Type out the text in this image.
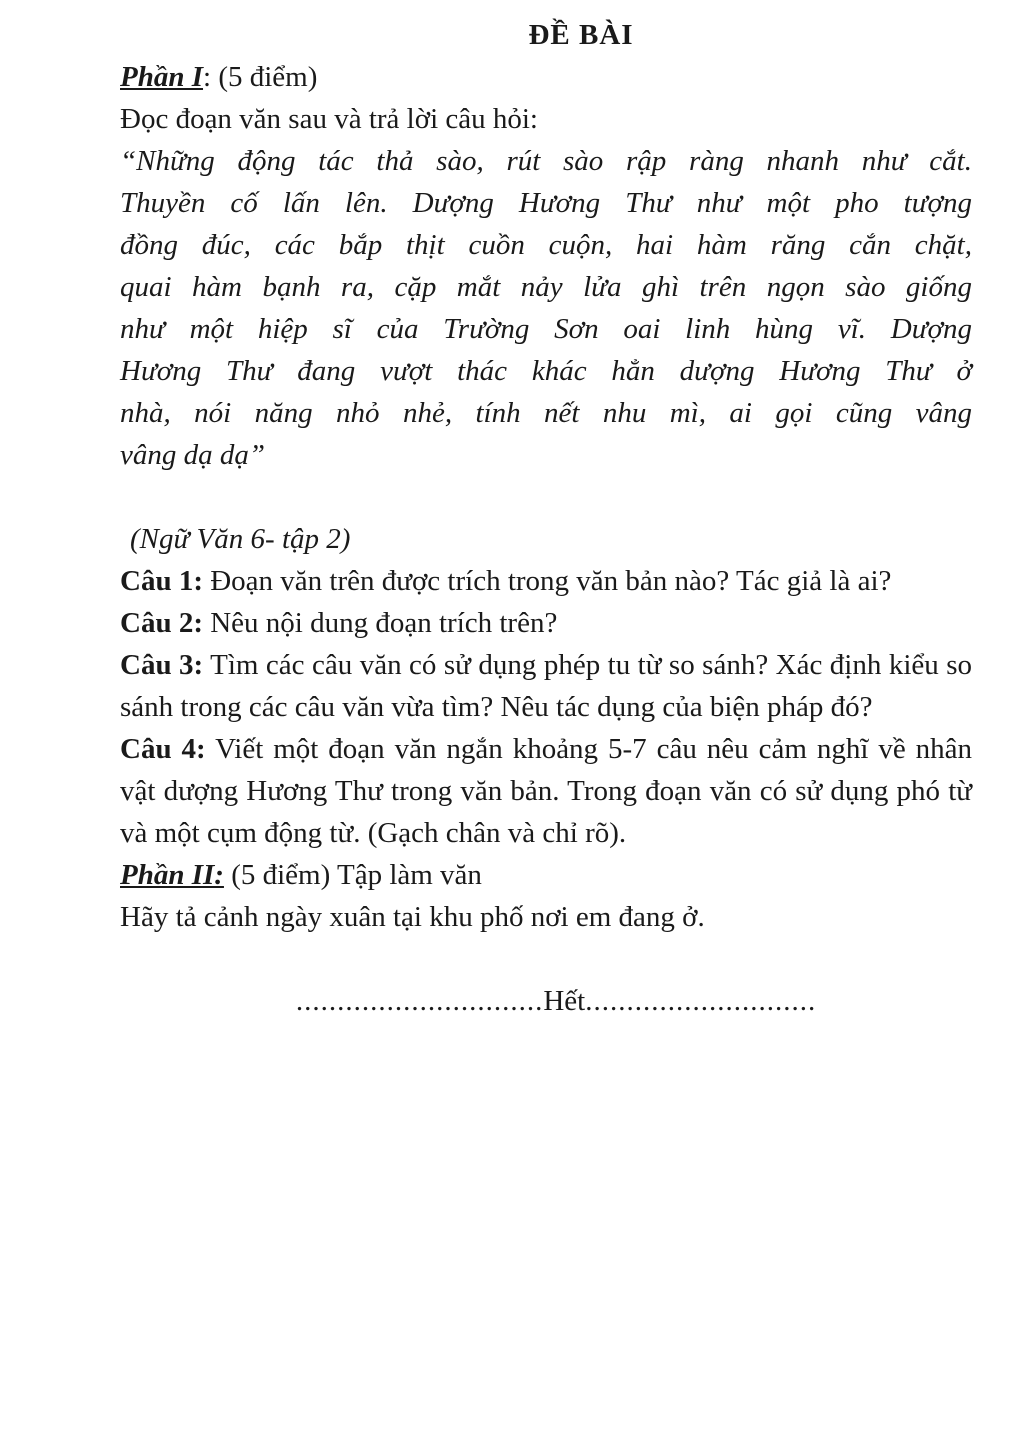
ĐỀ BÀI

Phần I: (5 điểm)

Đọc đoạn văn sau và trả lời câu hỏi:

“Những động tác thả sào, rút sào rập ràng nhanh như cắt.

Thuyền cố lấn lên. Dượng Hương Thư như một pho tượng

đồng đúc, các bắp thịt cuồn cuộn, hai hàm răng cắn chặt,

quai hàm bạnh ra, cặp mắt nảy lửa ghì trên ngọn sào giống

như một hiệp sĩ của Trường Sơn oai linh hùng vĩ. Dượng

Hương Thư đang vượt thác khác hẳn dượng Hương Thư ở

nhà, nói năng nhỏ nhẻ, tính nết nhu mì, ai gọi cũng vâng

vâng dạ dạ”

(Ngữ Văn 6- tập 2)

Câu 1: Đoạn văn trên được trích trong văn bản nào? Tác giả là ai?

Câu 2: Nêu nội dung đoạn trích trên?

Câu 3: Tìm các câu văn có sử dụng phép tu từ so sánh? Xác định kiểu so sánh trong các câu văn vừa tìm? Nêu tác dụng của biện pháp đó?

Câu 4: Viết một đoạn văn ngắn khoảng 5-7 câu nêu cảm nghĩ về nhân vật dượng Hương Thư trong văn bản. Trong đoạn văn có sử dụng phó từ và một cụm động từ. (Gạch chân và chỉ rõ).

Phần II: (5 điểm) Tập làm văn

Hãy tả cảnh ngày xuân tại khu phố nơi em đang ở.

..............................Hết............................
